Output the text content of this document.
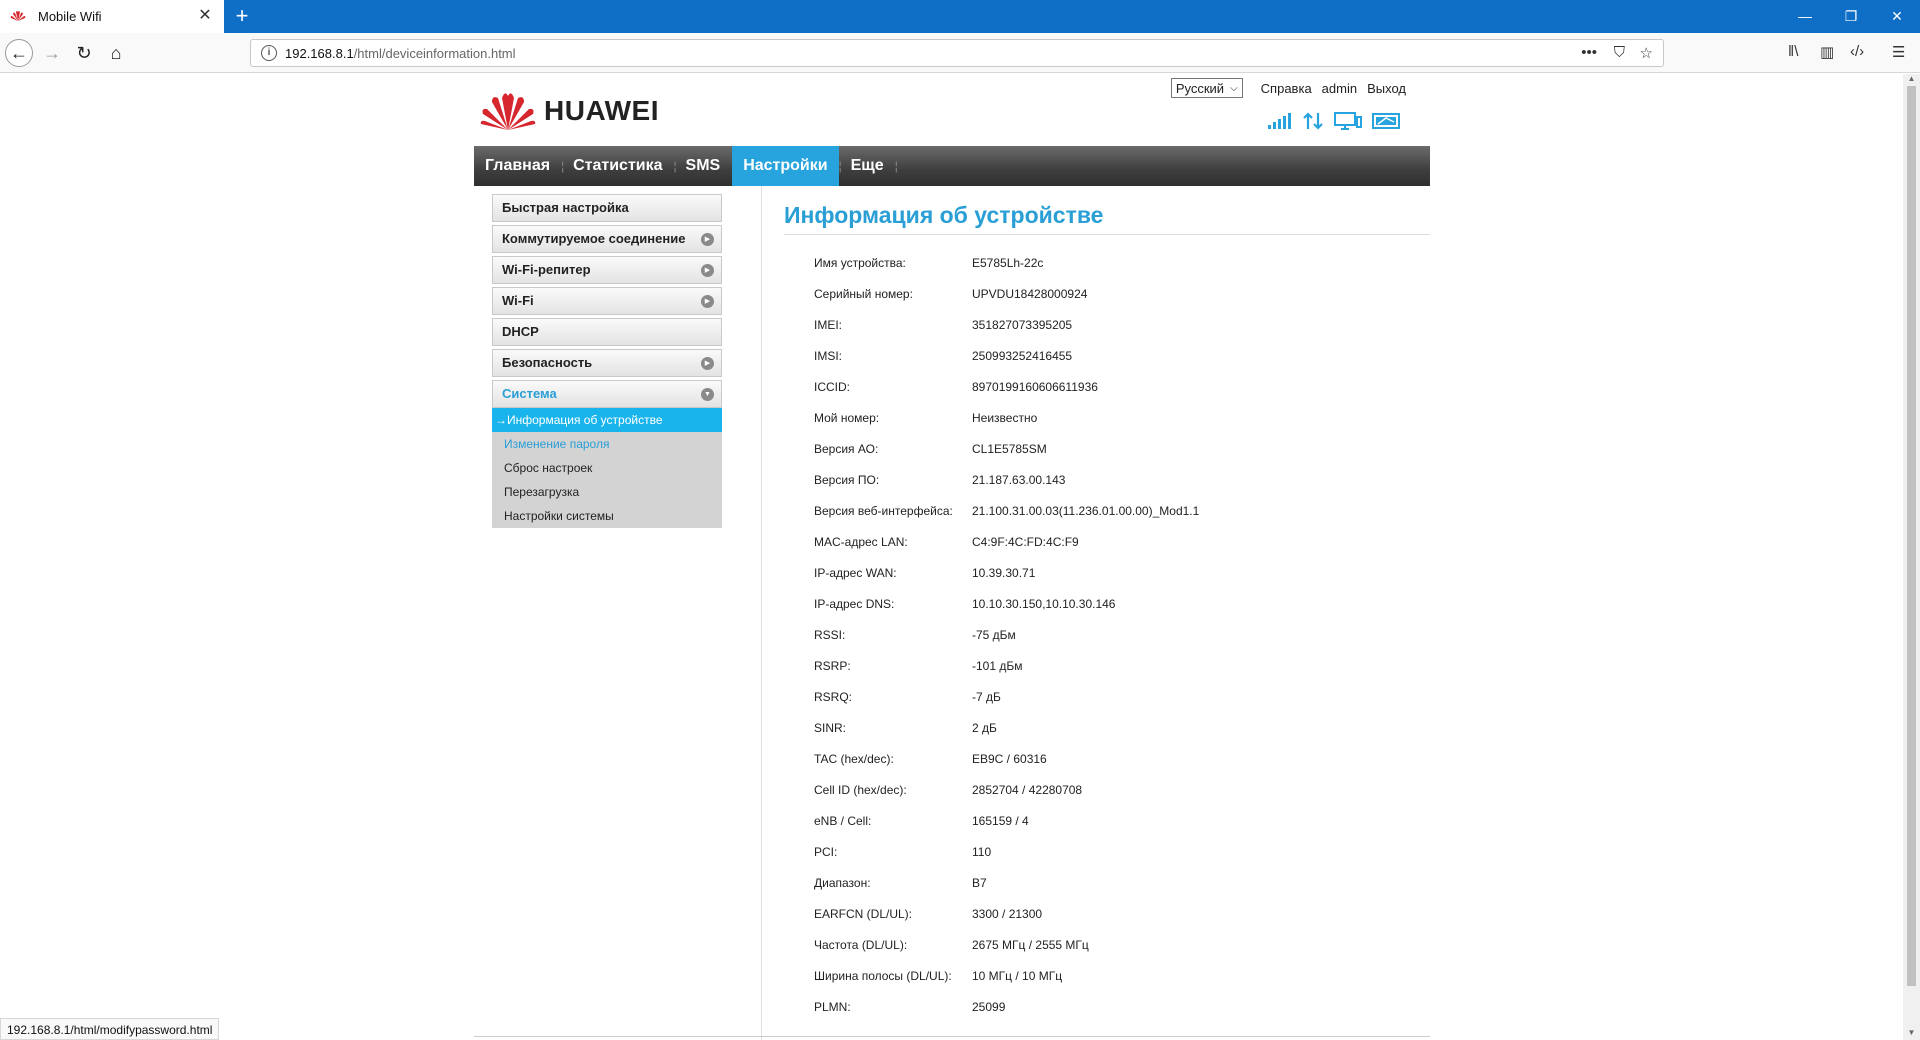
Mobile Wifi	✕ +	—	❐	✕
← → ↻	⌂	i	192.168.8.1/html/deviceinformation.html	••• ⛉ ☆	‖\ ▥ ‹/› ☰
▲
▼
HUAWEI
Русский ⌵ Справка admin Выход
Главная ¦ Статистика ¦ SMS	Настройки ¦ Еще ¦
Быстрая настройка
Коммутируемое соединение	▶
Wi-Fi-репитер	▶
Wi-Fi	▶
DHCP
Безопасность	▶
Система	▼
→Информация об устройстве
Изменение пароля
Сброс настроек
Перезагрузка
Настройки системы
Информация об устройстве
Имя устройства:	E5785Lh-22c
Серийный номер:	UPVDU18428000924
IMEI:	351827073395205
IMSI:	250993252416455
ICCID:	8970199160606611936
Мой номер:	Неизвестно
Версия АО:	CL1E5785SM
Версия ПО:	21.187.63.00.143
Версия веб-интерфейса:	21.100.31.00.03(11.236.01.00.00)_Mod1.1
MAC-адрес LAN:	C4:9F:4C:FD:4C:F9
IP-адрес WAN:	10.39.30.71
IP-адрес DNS:	10.10.30.150,10.10.30.146
RSSI:	-75 дБм
RSRP:	-101 дБм
RSRQ:	-7 дБ
SINR:	2 дБ
TAC (hex/dec):	EB9C / 60316
Cell ID (hex/dec):	2852704 / 42280708
eNB / Cell:	165159 / 4
PCI:	110
Диапазон:	B7
EARFCN (DL/UL):	3300 / 21300
Частота (DL/UL):	2675 МГц / 2555 МГц
Ширина полосы (DL/UL):	10 МГц / 10 МГц
PLMN:	25099
192.168.8.1/html/modifypassword.html
